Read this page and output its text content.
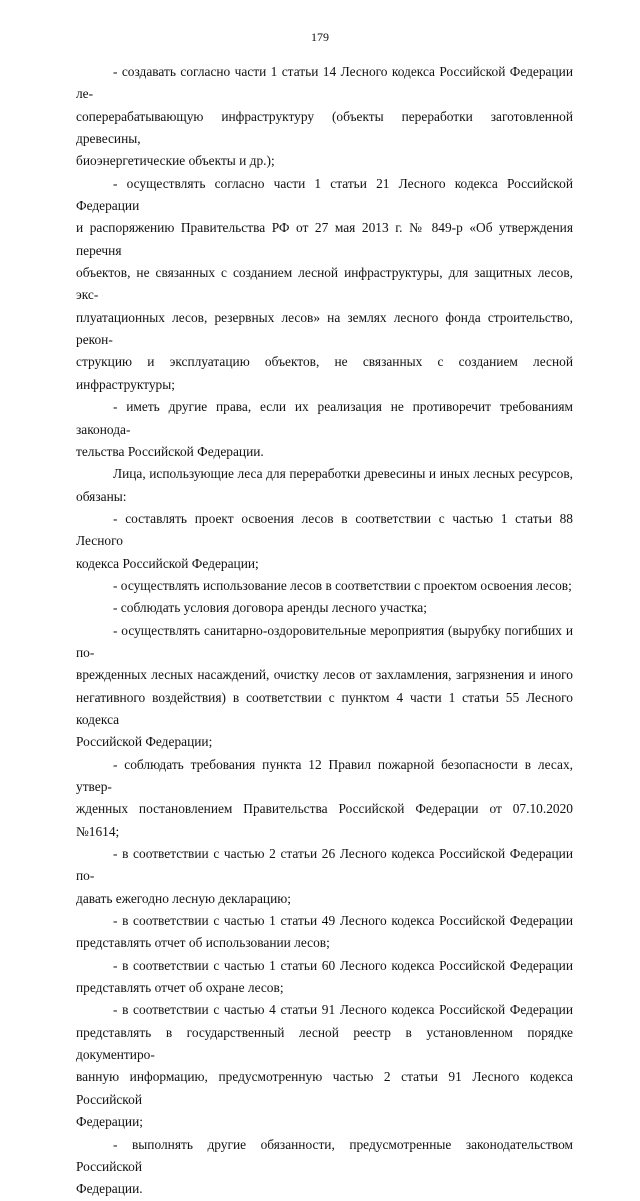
179

- создавать согласно части 1 статьи 14 Лесного кодекса Российской Федерации ле-
соперерабатывающую инфраструктуру (объекты переработки заготовленной древесины,
биоэнергетические объекты и др.);

- осуществлять согласно части 1 статьи 21 Лесного кодекса Российской Федерации
и распоряжению Правительства РФ от 27 мая 2013 г. № 849-р «Об утверждения перечня
объектов, не связанных с созданием лесной инфраструктуры, для защитных лесов, экс-
плуатационных лесов, резервных лесов» на землях лесного фонда строительство, рекон-
струкцию и эксплуатацию объектов, не связанных с созданием лесной инфраструктуры;

- иметь другие права, если их реализация не противоречит требованиям законода-
тельства Российской Федерации.

Лица, использующие леса для переработки древесины и иных лесных ресурсов,
обязаны:

- составлять проект освоения лесов в соответствии с частью 1 статьи 88 Лесного
кодекса Российской Федерации;

- осуществлять использование лесов в соответствии с проектом освоения лесов;

- соблюдать условия договора аренды лесного участка;

- осуществлять санитарно-оздоровительные мероприятия (вырубку погибших и по-
врежденных лесных насаждений, очистку лесов от захламления, загрязнения и иного
негативного воздействия) в соответствии с пунктом 4 части 1 статьи 55 Лесного кодекса
Российской Федерации;

- соблюдать требования пункта 12 Правил пожарной безопасности в лесах, утвер-
жденных постановлением Правительства Российской Федерации от 07.10.2020 №1614;

- в соответствии с частью 2 статьи 26 Лесного кодекса Российской Федерации по-
давать ежегодно лесную декларацию;

- в соответствии с частью 1 статьи 49 Лесного кодекса Российской Федерации
представлять отчет об использовании лесов;

- в соответствии с частью 1 статьи 60 Лесного кодекса Российской Федерации
представлять отчет об охране лесов;

- в соответствии с частью 4 статьи 91 Лесного кодекса Российской Федерации
представлять в государственный лесной реестр в установленном порядке документиро-
ванную информацию, предусмотренную частью 2 статьи 91 Лесного кодекса Российской
Федерации;

- выполнять другие обязанности, предусмотренные законодательством Российской
Федерации.
